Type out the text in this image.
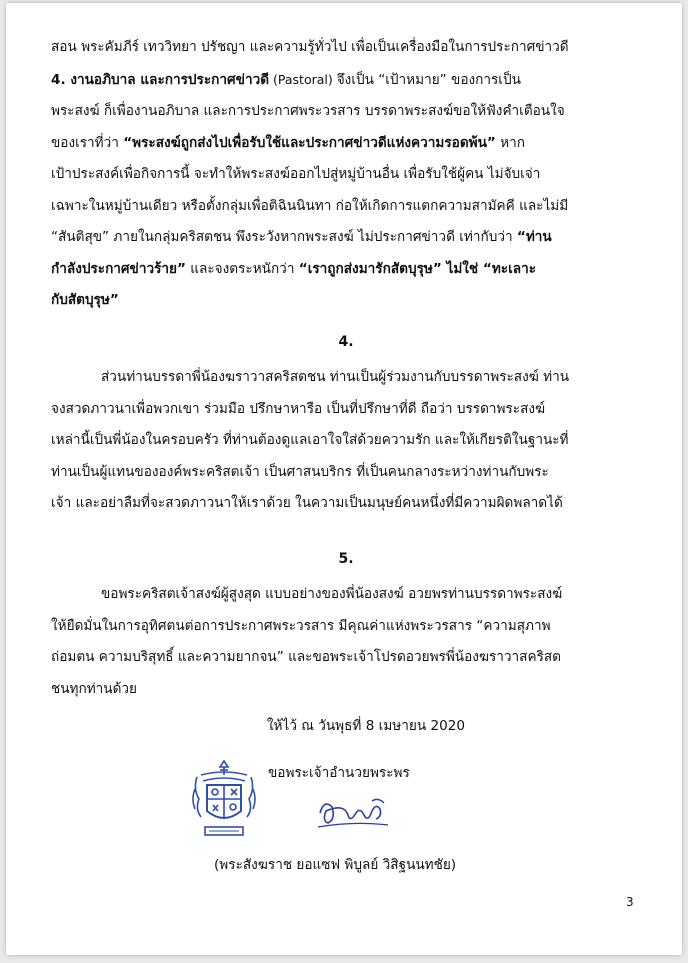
สอน พระคัมภีร์ เทววิทยา ปรัชญา และความรู้ทั่วไป เพื่อเป็นเครื่องมือในการประกาศข่าวดี
4. งานอภิบาล และการประกาศข่าวดี (Pastoral) จึงเป็น “เป้าหมาย” ของการเป็น
พระสงฆ์ ก็เพื่องานอภิบาล และการประกาศพระวรสาร บรรดาพระสงฆ์ขอให้ฟังคำเตือนใจ
ของเราที่ว่า “พระสงฆ์ถูกส่งไปเพื่อรับใช้และประกาศข่าวดีแห่งความรอดพ้น” หาก
เป้าประสงค์เพื่อกิจการนี้ จะทำให้พระสงฆ์ออกไปสู่หมู่บ้านอื่น เพื่อรับใช้ผู้คน ไม่จับเจ่า
เฉพาะในหมู่บ้านเดียว หรือตั้งกลุ่มเพื่อติฉินนินทา ก่อให้เกิดการแตกความสามัคคี และไม่มี
“สันติสุข” ภายในกลุ่มคริสตชน พึงระวังหากพระสงฆ์ ไม่ประกาศข่าวดี เท่ากับว่า “ท่าน
กำลังประกาศข่าวร้าย” และจงตระหนักว่า “เราถูกส่งมารักสัตบุรุษ” ไม่ใช่ “ทะเลาะ
กับสัตบุรุษ”

4.

ส่วนท่านบรรดาพี่น้องฆราวาสคริสตชน ท่านเป็นผู้ร่วมงานกับบรรดาพระสงฆ์ ท่าน
จงสวดภาวนาเพื่อพวกเขา ร่วมมือ ปรึกษาหารือ เป็นที่ปรึกษาที่ดี ถือว่า บรรดาพระสงฆ์
เหล่านี้เป็นพี่น้องในครอบครัว ที่ท่านต้องดูแลเอาใจใส่ด้วยความรัก และให้เกียรติในฐานะที่
ท่านเป็นผู้แทนขององค์พระคริสตเจ้า เป็นศาสนบริกร ที่เป็นคนกลางระหว่างท่านกับพระ
เจ้า และอย่าลืมที่จะสวดภาวนาให้เราด้วย ในความเป็นมนุษย์คนหนึ่งที่มีความผิดพลาดได้

5.

ขอพระคริสตเจ้าสงฆ์ผู้สูงสุด แบบอย่างของพี่น้องสงฆ์ อวยพรท่านบรรดาพระสงฆ์
ให้ยืดมั่นในการอุทิศตนต่อการประกาศพระวรสาร มีคุณค่าแห่งพระวรสาร “ความสุภาพ
ถ่อมตน ความบริสุทธิ์ และความยากจน” และขอพระเจ้าโปรดอวยพรพี่น้องฆราวาสคริสต
ชนทุกท่านด้วย

ให้ไว้ ณ วันพุธที่ 8 เมษายน 2020
ขอพระเจ้าอำนวยพระพร
(พระสังฆราช ยอแซฟ พิบูลย์ วิสิฐนนทชัย)
3
